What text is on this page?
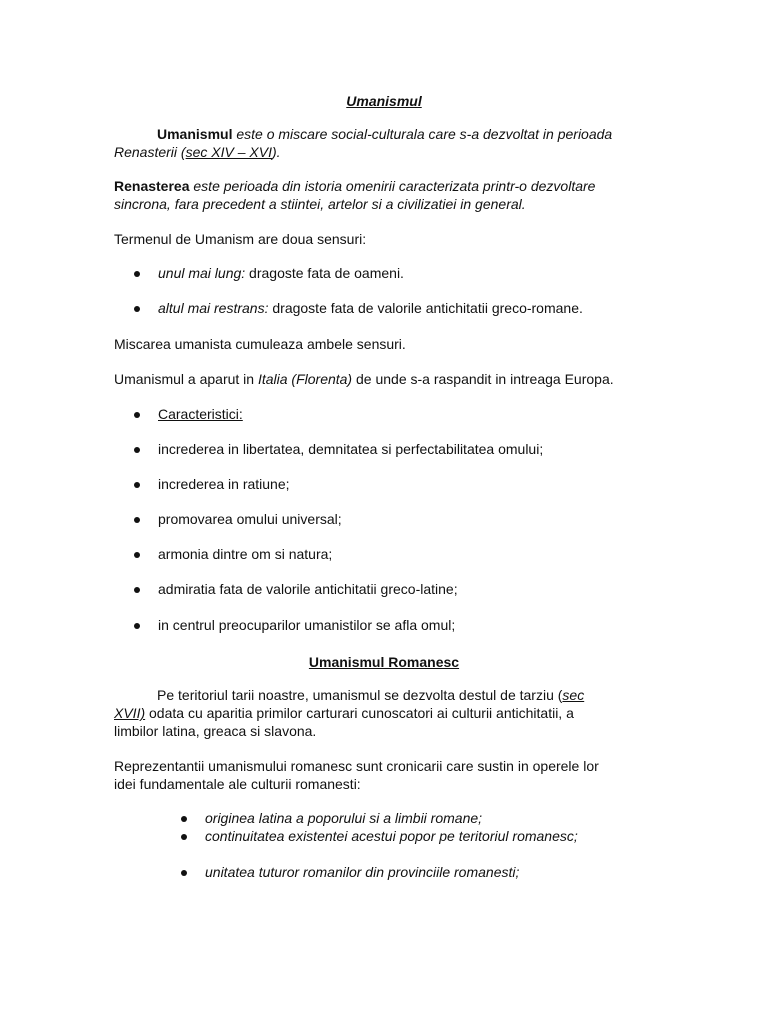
Umanismul
Umanismul este o miscare social-culturala care s-a dezvoltat in perioada
Renasterii (sec XIV – XVI).
Renasterea este perioada din istoria omenirii caracterizata printr-o dezvoltare
sincrona, fara precedent a stiintei, artelor si a civilizatiei in general.
Termenul de Umanism are doua sensuri:
unul mai lung: dragoste fata de oameni.
altul mai restrans: dragoste fata de valorile antichitatii greco-romane.
Miscarea umanista cumuleaza ambele sensuri.
Umanismul a aparut in Italia (Florenta) de unde s-a raspandit in intreaga Europa.
Caracteristici:
increderea in libertatea, demnitatea si perfectabilitatea omului;
increderea in ratiune;
promovarea omului universal;
armonia dintre om si natura;
admiratia fata de valorile antichitatii greco-latine;
in centrul preocuparilor umanistilor se afla omul;
Umanismul Romanesc
Pe teritoriul tarii noastre, umanismul se dezvolta destul de tarziu (sec
XVII) odata cu aparitia primilor carturari cunoscatori ai culturii antichitatii, a
limbilor latina, greaca si slavona.
Reprezentantii umanismului romanesc sunt cronicarii care sustin in operele lor
idei fundamentale ale culturii romanesti:
originea latina a poporului si a limbii romane;
continuitatea existentei acestui popor pe teritoriul romanesc;
unitatea tuturor romanilor din provinciile romanesti;
